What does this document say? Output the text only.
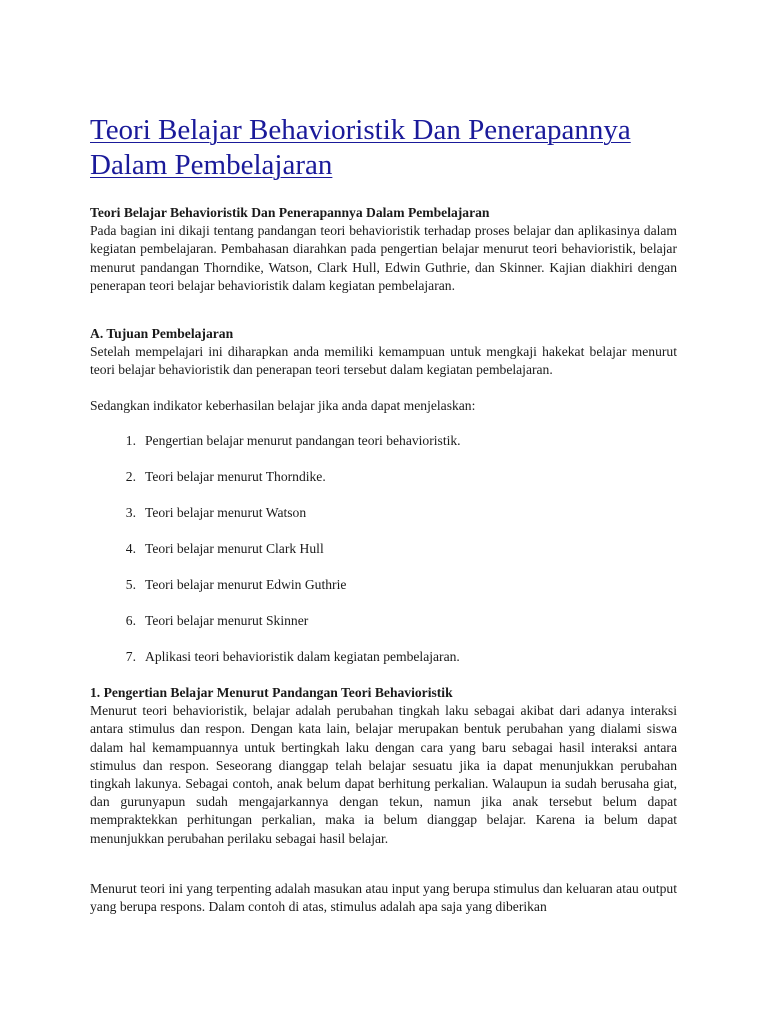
Teori Belajar Behavioristik Dan Penerapannya Dalam Pembelajaran
Teori Belajar Behavioristik Dan Penerapannya Dalam Pembelajaran
Pada bagian ini dikaji tentang pandangan teori behavioristik terhadap proses belajar dan aplikasinya dalam kegiatan pembelajaran. Pembahasan diarahkan pada pengertian belajar menurut teori behavioristik, belajar menurut pandangan Thorndike, Watson, Clark Hull, Edwin Guthrie, dan Skinner. Kajian diakhiri dengan penerapan teori belajar behavioristik dalam kegiatan pembelajaran.
A. Tujuan Pembelajaran
Setelah mempelajari ini diharapkan anda memiliki kemampuan untuk mengkaji hakekat belajar menurut teori belajar behavioristik dan penerapan teori tersebut dalam kegiatan pembelajaran.

Sedangkan indikator keberhasilan belajar jika anda dapat menjelaskan:

1. Pengertian belajar menurut pandangan teori behavioristik.
2. Teori belajar menurut Thorndike.
3. Teori belajar menurut Watson
4. Teori belajar menurut Clark Hull
5. Teori belajar menurut Edwin Guthrie
6. Teori belajar menurut Skinner
7. Aplikasi teori behavioristik dalam kegiatan pembelajaran.
1. Pengertian Belajar Menurut Pandangan Teori Behavioristik
Menurut teori behavioristik, belajar adalah perubahan tingkah laku sebagai akibat dari adanya interaksi antara stimulus dan respon. Dengan kata lain, belajar merupakan bentuk perubahan yang dialami siswa dalam hal kemampuannya untuk bertingkah laku dengan cara yang baru sebagai hasil interaksi antara stimulus dan respon. Seseorang dianggap telah belajar sesuatu jika ia dapat menunjukkan perubahan tingkah lakunya. Sebagai contoh, anak belum dapat berhitung perkalian. Walaupun ia sudah berusaha giat, dan gurunyapun sudah mengajarkannya dengan tekun, namun jika anak tersebut belum dapat mempraktekkan perhitungan perkalian, maka ia belum dianggap belajar. Karena ia belum dapat menunjukkan perubahan perilaku sebagai hasil belajar.

Menurut teori ini yang terpenting adalah masukan atau input yang berupa stimulus dan keluaran atau output yang berupa respons. Dalam contoh di atas, stimulus adalah apa saja yang diberikan
